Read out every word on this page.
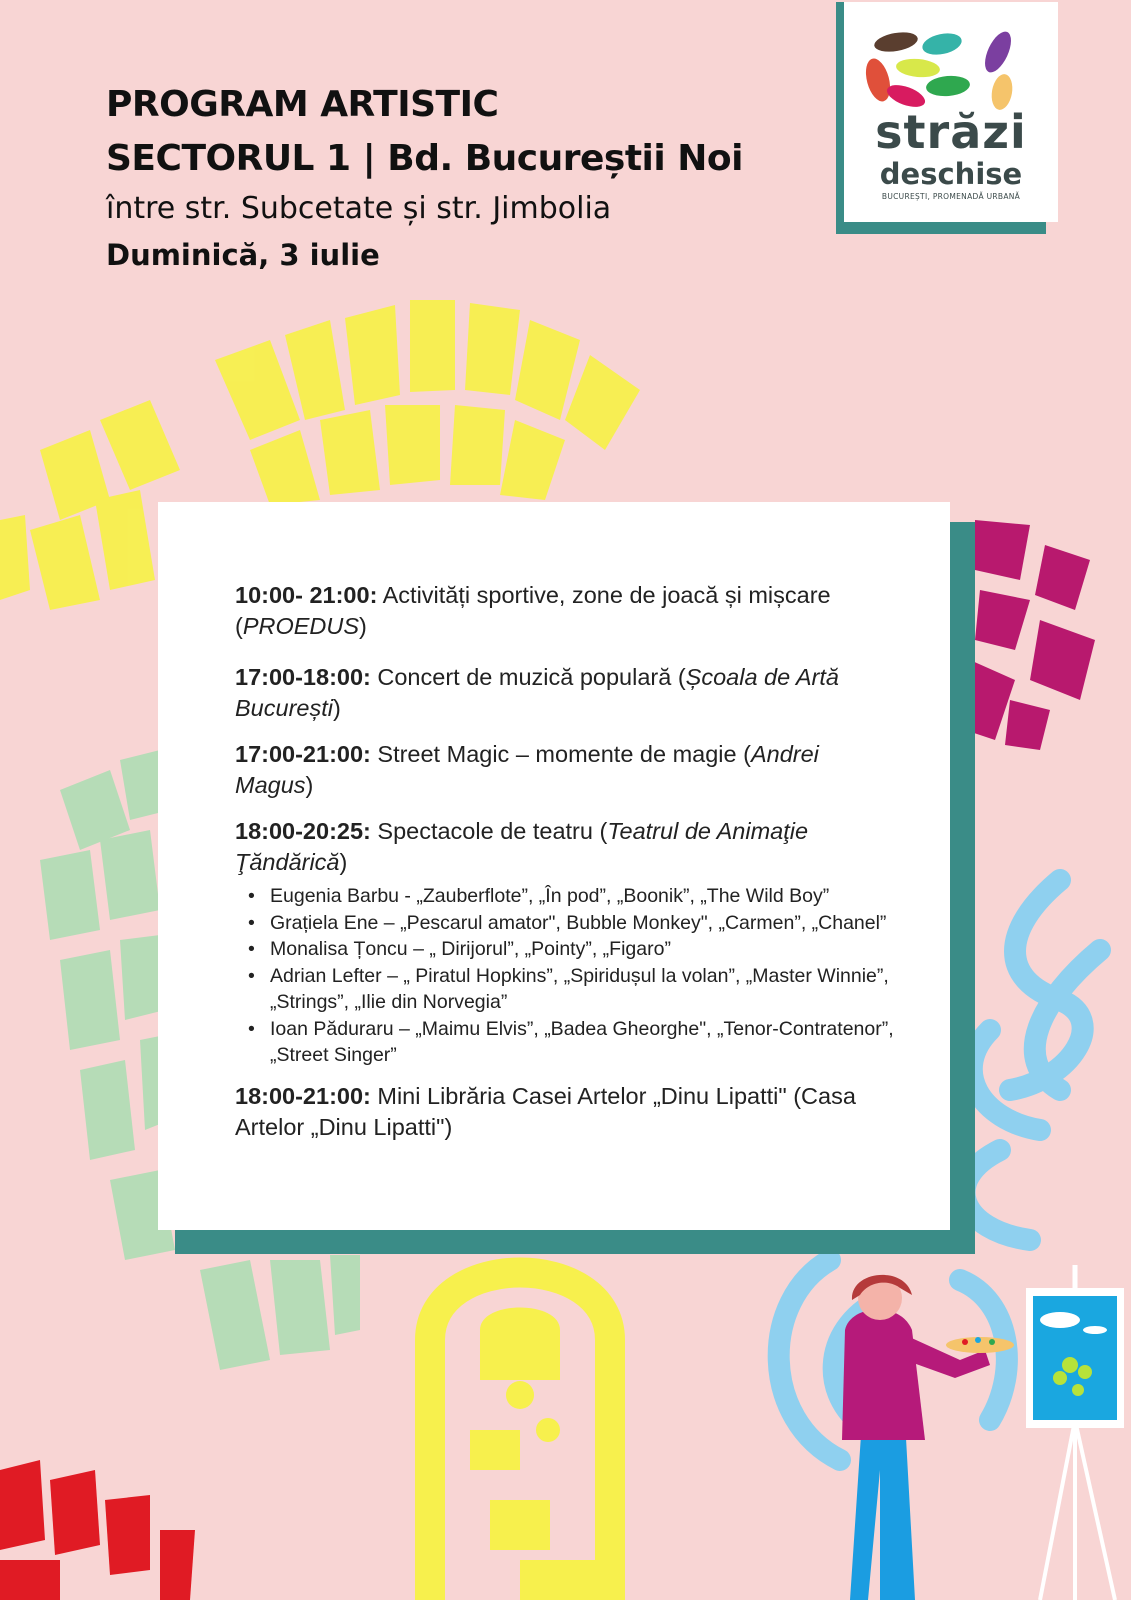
PROGRAM ARTISTIC
SECTORUL 1 | Bd. Bucureștii Noi
între str. Subcetate și str. Jimbolia
Duminică, 3 iulie
străzi
deschise
BUCUREȘTI, PROMENADĂ URBANĂ

10:00- 21:00: Activități sportive, zone de joacă și mișcare (PROEDUS)

17:00-18:00: Concert de muzică populară (Școala de Artă București)

17:00-21:00: Street Magic – momente de magie (Andrei Magus)

18:00-20:25: Spectacole de teatru (Teatrul de Animaţie Ţăndărică)

• Eugenia Barbu - „Zauberflote”, „În pod”, „Boonik”, „The Wild Boy”
• Grațiela Ene – „Pescarul amator", Bubble Monkey", „Carmen”, „Chanel”
• Monalisa Țoncu – „ Dirijorul”, „Pointy”, „Figaro”
• Adrian Lefter – „ Piratul Hopkins”, „Spiridușul la volan”, „Master Winnie”, „Strings”, „Ilie din Norvegia”
• Ioan Păduraru – „Maimu Elvis”, „Badea Gheorghe", „Tenor-Contratenor”, „Street Singer”

18:00-21:00: Mini Librăria Casei Artelor „Dinu Lipatti" (Casa Artelor „Dinu Lipatti")
